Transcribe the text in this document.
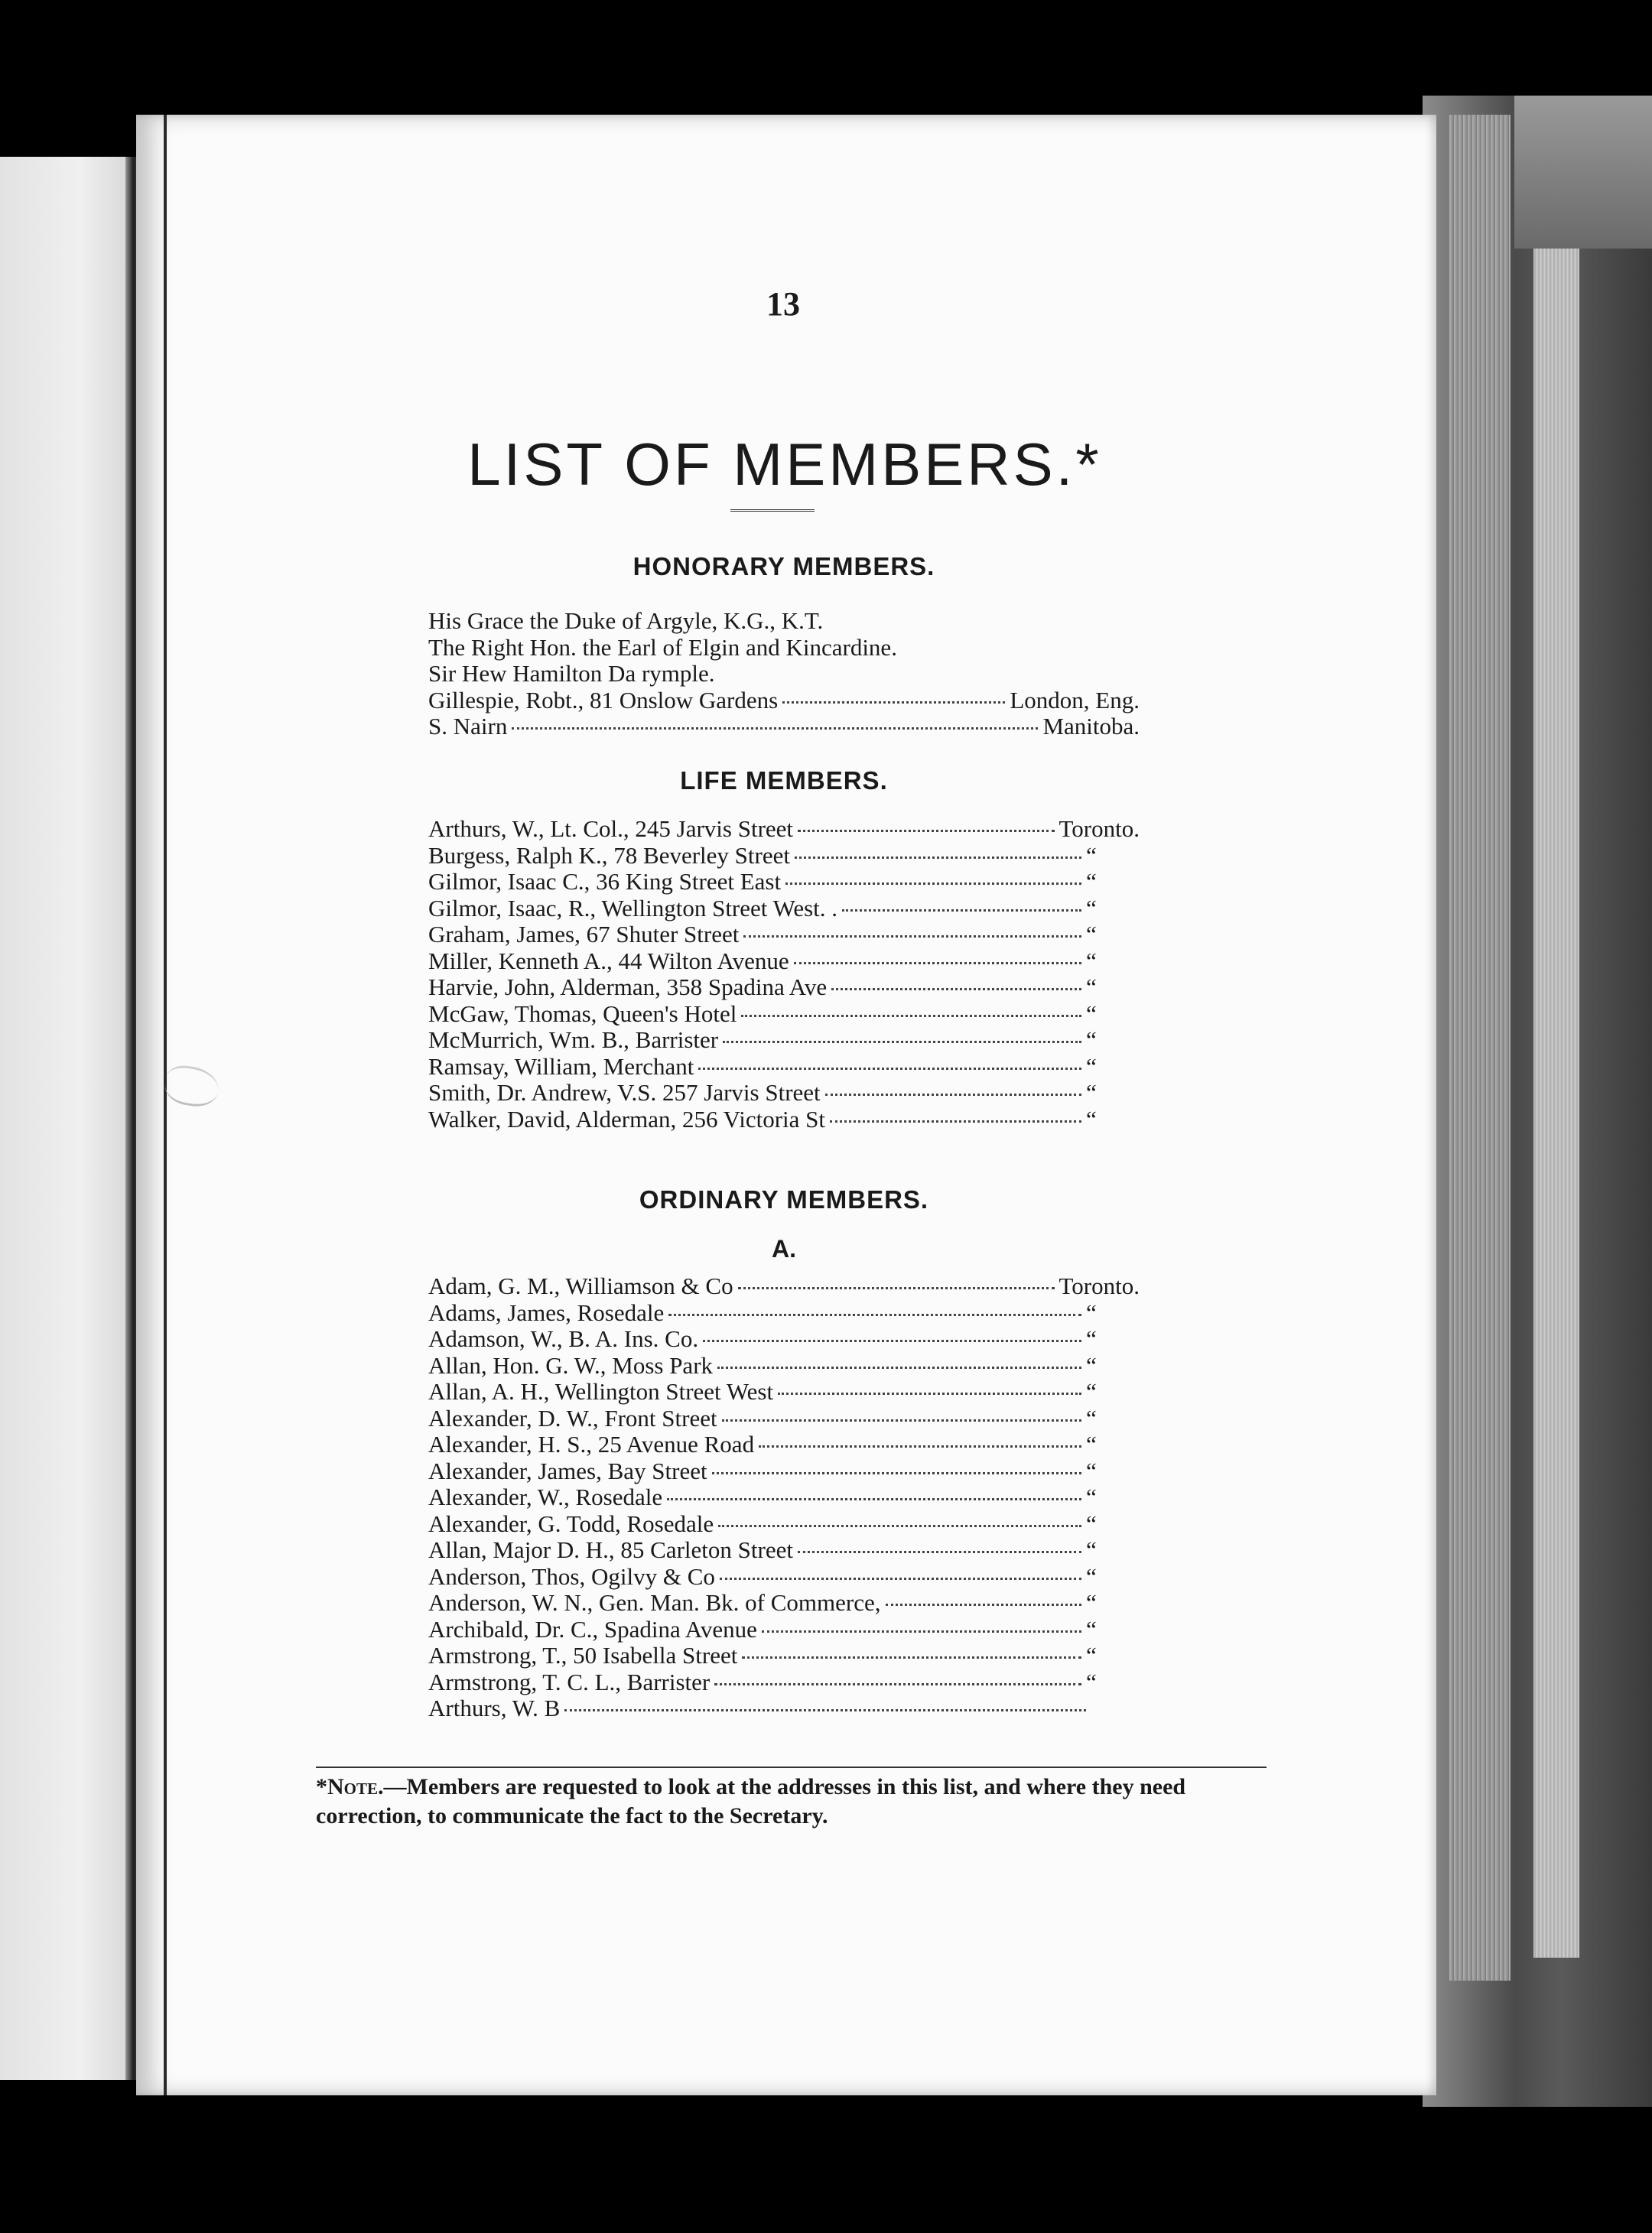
13
LIST OF MEMBERS.*
HONORARY MEMBERS.
His Grace the Duke of Argyle, K.G., K.T.
The Right Hon. the Earl of Elgin and Kincardine.
Sir Hew Hamilton Da rymple.
Gillespie, Robt., 81 Onslow Gardens	London, Eng.
S. Nairn	Manitoba.
LIFE MEMBERS.
Arthurs, W., Lt. Col., 245 Jarvis Street	Toronto.
Burgess, Ralph K., 78 Beverley Street	“
Gilmor, Isaac C., 36 King Street East	“
Gilmor, Isaac, R., Wellington Street West. .	“
Graham, James, 67 Shuter Street	“
Miller, Kenneth A., 44 Wilton Avenue	“
Harvie, John, Alderman, 358 Spadina Ave	“
McGaw, Thomas, Queen's Hotel	“
McMurrich, Wm. B., Barrister	“
Ramsay, William, Merchant	“
Smith, Dr. Andrew, V.S. 257 Jarvis Street	“
Walker, David, Alderman, 256 Victoria St	“
ORDINARY MEMBERS.
A.
Adam, G. M., Williamson & Co	Toronto.
Adams, James, Rosedale	“
Adamson, W., B. A. Ins. Co.	“
Allan, Hon. G. W., Moss Park	“
Allan, A. H., Wellington Street West	“
Alexander, D. W., Front Street	“
Alexander, H. S., 25 Avenue Road	“
Alexander, James, Bay Street	“
Alexander, W., Rosedale	“
Alexander, G. Todd, Rosedale	“
Allan, Major D. H., 85 Carleton Street	“
Anderson, Thos, Ogilvy & Co	“
Anderson, W. N., Gen. Man. Bk. of Commerce,	“
Archibald, Dr. C., Spadina Avenue	“
Armstrong, T., 50 Isabella Street	“
Armstrong, T. C. L., Barrister	“
Arthurs, W. B
*Note.—Members are requested to look at the addresses in this list, and where they need correction, to communicate the fact to the Secretary.
